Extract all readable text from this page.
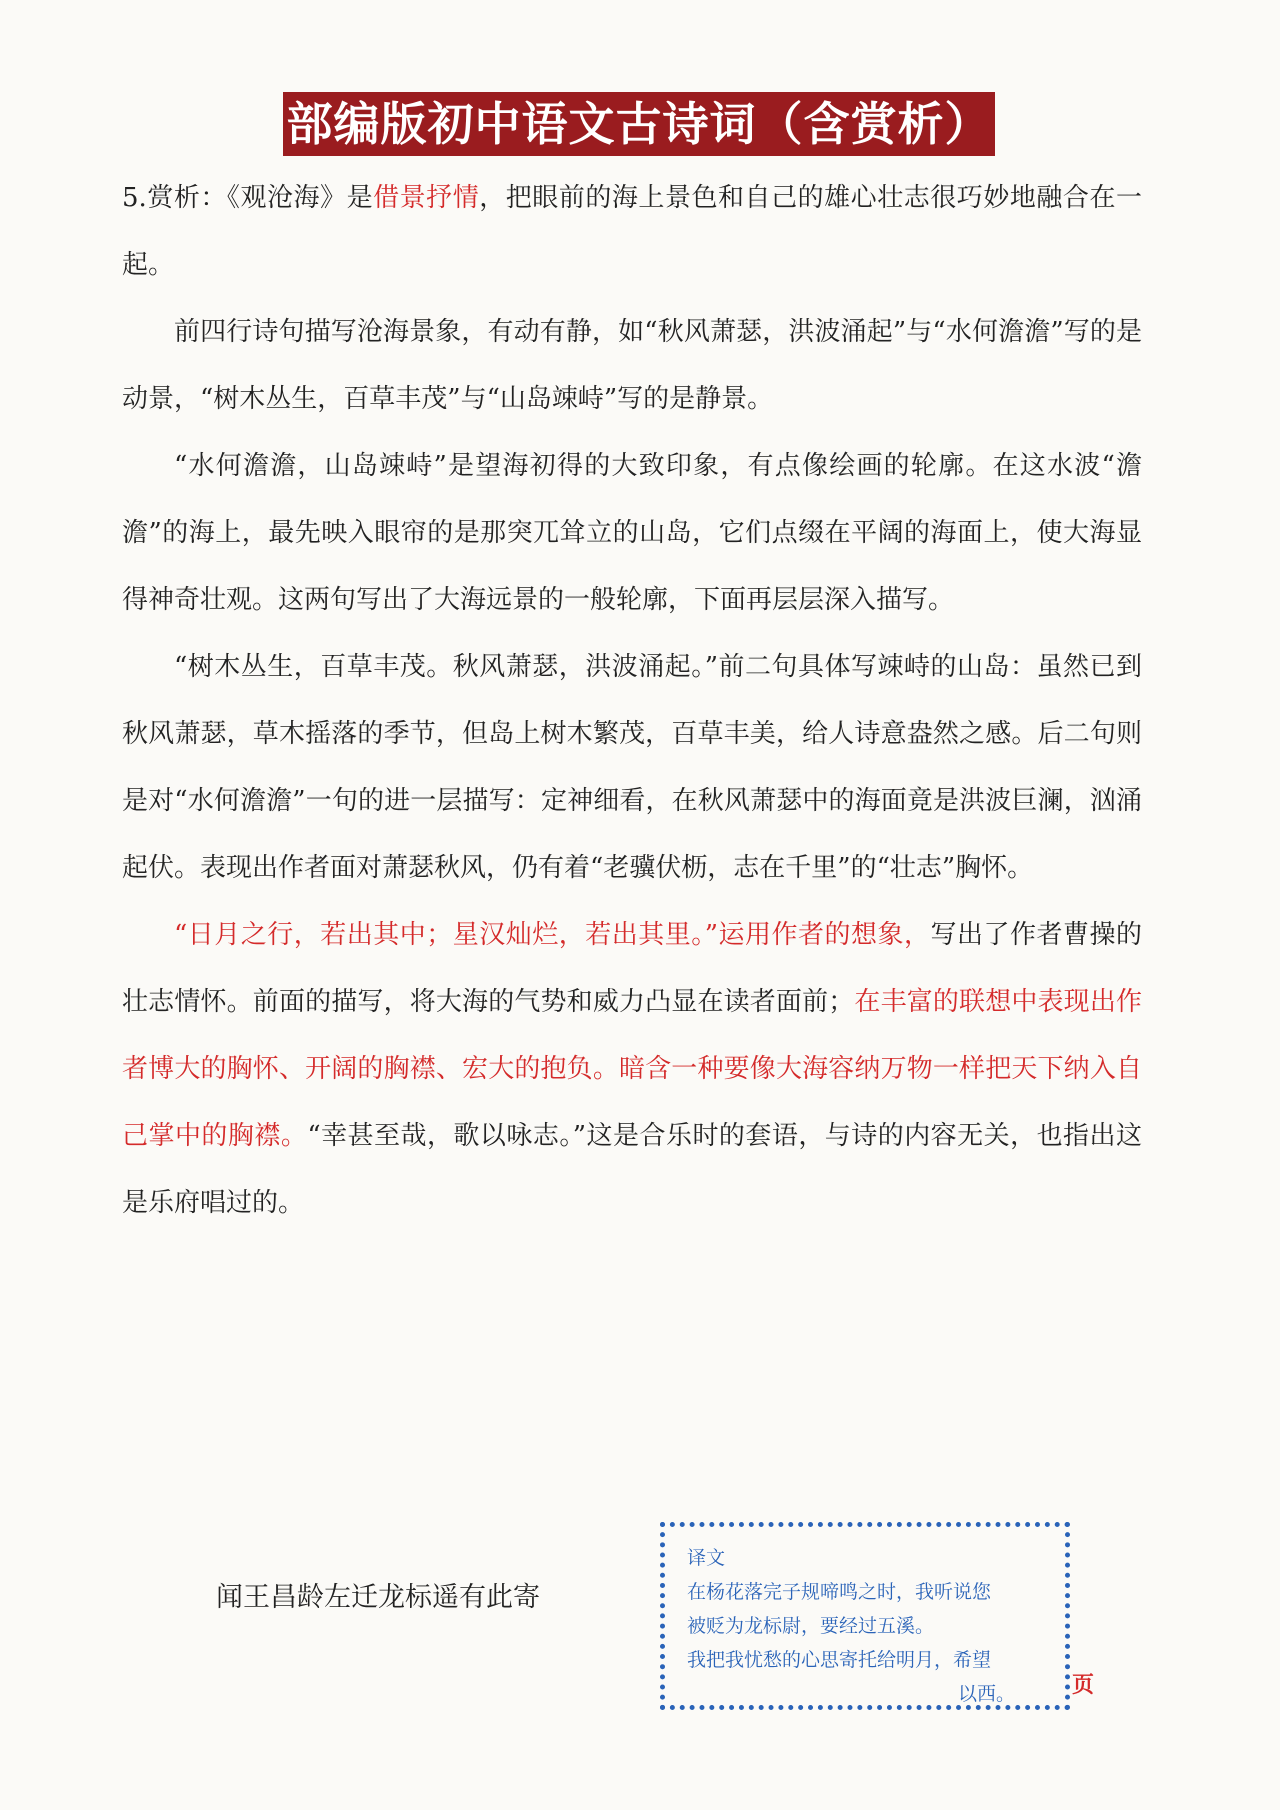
部编版初中语文古诗词（含赏析）

5.赏析：《观沧海》是借景抒情，把眼前的海上景色和自己的雄心壮志很巧妙地融合在一起。

前四行诗句描写沧海景象，有动有静，如“秋风萧瑟，洪波涌起”与“水何澹澹”写的是动景，“树木丛生，百草丰茂”与“山岛竦峙”写的是静景。

“水何澹澹，山岛竦峙”是望海初得的大致印象，有点像绘画的轮廓。在这水波“澹澹”的海上，最先映入眼帘的是那突兀耸立的山岛，它们点缀在平阔的海面上，使大海显得神奇壮观。这两句写出了大海远景的一般轮廓，下面再层层深入描写。

“树木丛生，百草丰茂。秋风萧瑟，洪波涌起。”前二句具体写竦峙的山岛：虽然已到秋风萧瑟，草木摇落的季节，但岛上树木繁茂，百草丰美，给人诗意盎然之感。后二句则是对“水何澹澹”一句的进一层描写：定神细看，在秋风萧瑟中的海面竟是洪波巨澜，汹涌起伏。表现出作者面对萧瑟秋风，仍有着“老骥伏枥，志在千里”的“壮志”胸怀。

“日月之行，若出其中；星汉灿烂，若出其里。”运用作者的想象，写出了作者曹操的壮志情怀。前面的描写，将大海的气势和威力凸显在读者面前；在丰富的联想中表现出作者博大的胸怀、开阔的胸襟、宏大的抱负。暗含一种要像大海容纳万物一样把天下纳入自己掌中的胸襟。“幸甚至哉，歌以咏志。”这是合乐时的套语，与诗的内容无关，也指出这是乐府唱过的。

闻王昌龄左迁龙标遥有此寄
译文
在杨花落完子规啼鸣之时，我听说您
被贬为龙标尉，要经过五溪。
我把我忧愁的心思寄托给明月，希望
以西。	页
